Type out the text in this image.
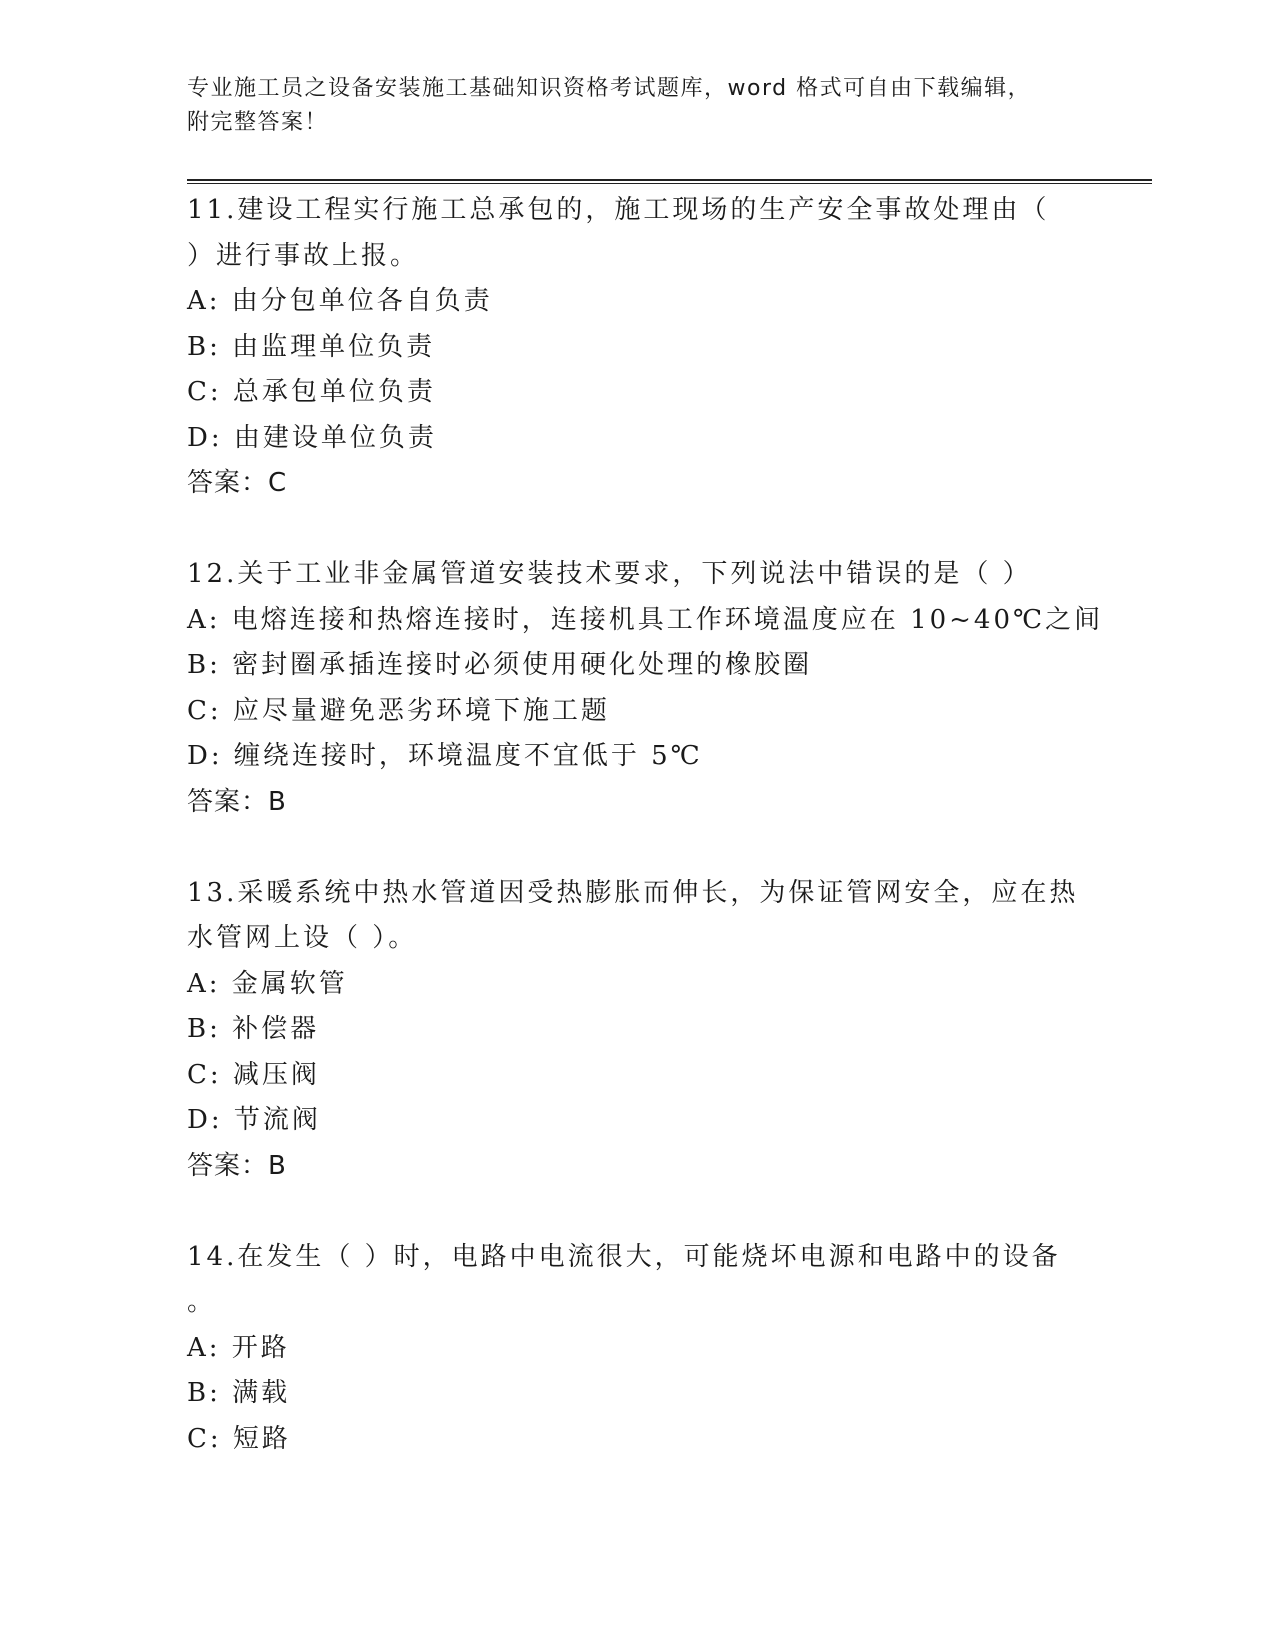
专业施工员之设备安装施工基础知识资格考试题库，word 格式可自由下载编辑，
附完整答案！
11.建设工程实行施工总承包的，施工现场的生产安全事故处理由（
）进行事故上报。
A: 由分包单位各自负责
B: 由监理单位负责
C: 总承包单位负责
D: 由建设单位负责
答案：C
12.关于工业非金属管道安装技术要求，下列说法中错误的是（ ）
A: 电熔连接和热熔连接时，连接机具工作环境温度应在 10~40℃之间
B: 密封圈承插连接时必须使用硬化处理的橡胶圈
C: 应尽量避免恶劣环境下施工题
D: 缠绕连接时，环境温度不宜低于 5℃
答案：B
13.采暖系统中热水管道因受热膨胀而伸长，为保证管网安全，应在热
水管网上设（ ）。
A: 金属软管
B: 补偿器
C: 减压阀
D: 节流阀
答案：B
14.在发生（ ）时，电路中电流很大，可能烧坏电源和电路中的设备
。
A: 开路
B: 满载
C: 短路
